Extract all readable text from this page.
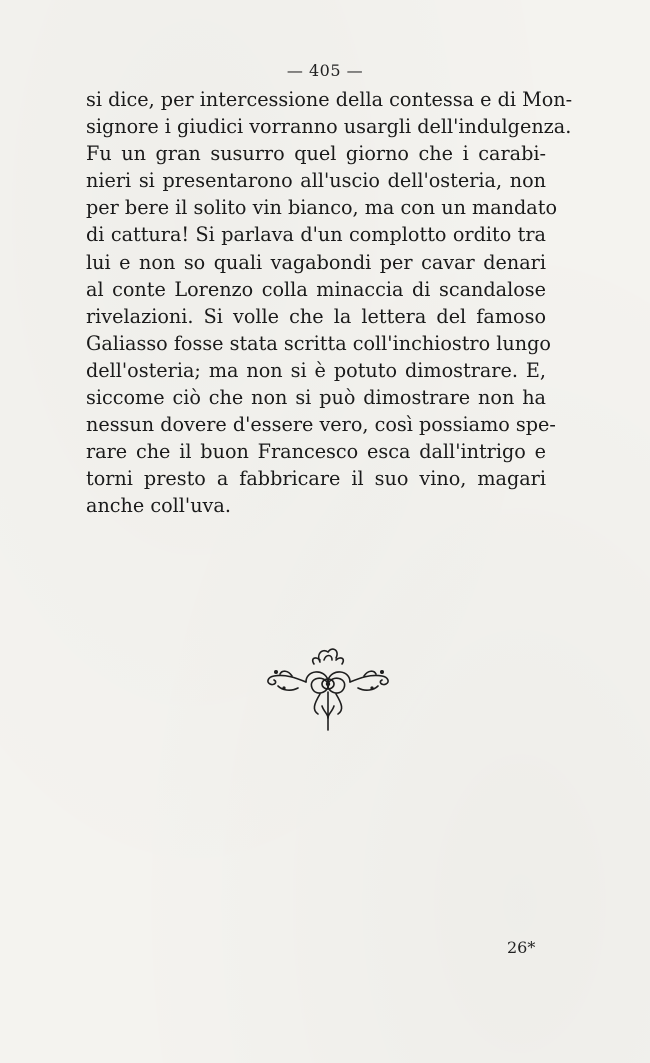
— 405 —
si dice, per intercessione della contessa e di Mon-
signore i giudici vorranno usargli dell'indulgenza.
Fu un gran susurro quel giorno che i carabi-
nieri si presentarono all'uscio dell'osteria, non
per bere il solito vin bianco, ma con un mandato
di cattura! Si parlava d'un complotto ordito tra
lui e non so quali vagabondi per cavar denari
al conte Lorenzo colla minaccia di scandalose
rivelazioni. Si volle che la lettera del famoso
Galiasso fosse stata scritta coll'inchiostro lungo
dell'osteria; ma non si è potuto dimostrare. E,
siccome ciò che non si può dimostrare non ha
nessun dovere d'essere vero, così possiamo spe-
rare che il buon Francesco esca dall'intrigo e
torni presto a fabbricare il suo vino, magari
anche coll'uva.
26*
